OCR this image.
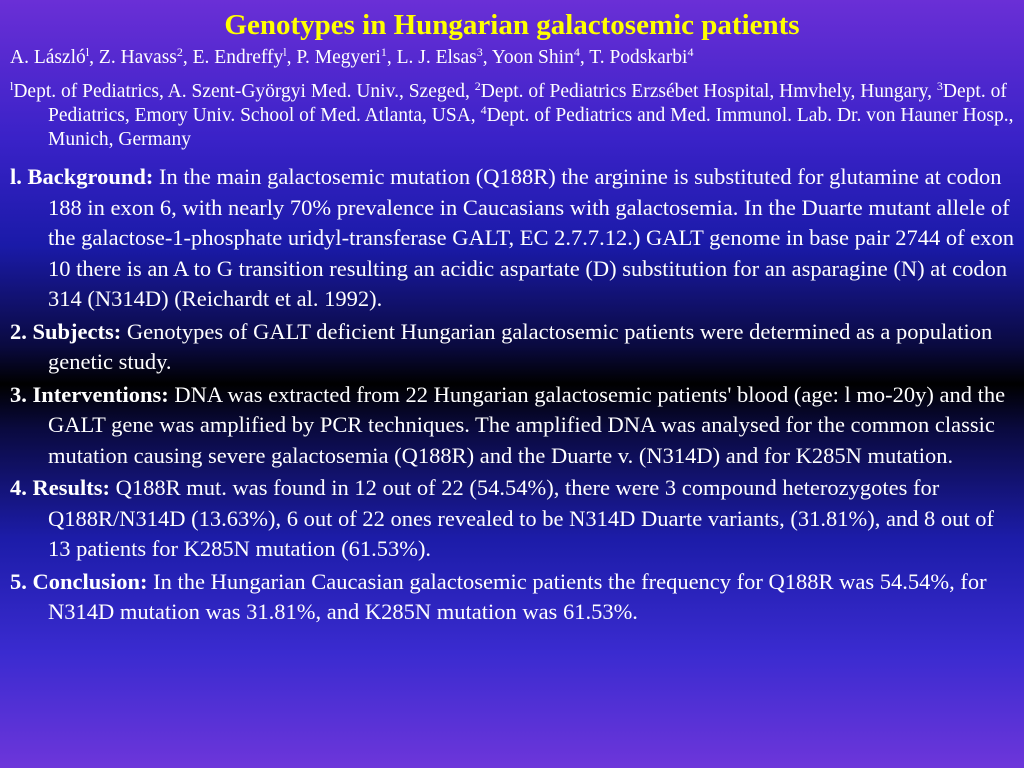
Genotypes in Hungarian galactosemic patients
A. László$^l$, Z. Havass$^2$, E. Endreffy$^l$, P. Megyeri$^1$, L. J. Elsas$^3$, Yoon Shin$^4$, T. Podskarbi$^4$
$^l$Dept. of Pediatrics, A. Szent-Györgyi Med. Univ., Szeged, $^2$Dept. of Pediatrics Erzsébet Hospital, Hmvhely, Hungary, $^3$Dept. of Pediatrics, Emory Univ. School of Med. Atlanta, USA, $^4$Dept. of Pediatrics and Med. Immunol. Lab. Dr. von Hauner Hosp., Munich, Germany
l. Background: In the main galactosemic mutation (Q188R) the arginine is substituted for glutamine at codon 188 in exon 6, with nearly 70% prevalence in Caucasians with galactosemia. In the Duarte mutant allele of the galactose-1-phosphate uridyl-transferase GALT, EC 2.7.7.12.) GALT genome in base pair 2744 of exon 10 there is an A to G transition resulting an acidic aspartate (D) substitution for an asparagine (N) at codon 314 (N314D) (Reichardt et al. 1992).
2. Subjects: Genotypes of GALT deficient Hungarian galactosemic patients were determined as a population genetic study.
3. Interventions: DNA was extracted from 22 Hungarian galactosemic patients' blood (age: l mo-20y) and the GALT gene was amplified by PCR techniques. The amplified DNA was analysed for the common classic mutation causing severe galactosemia (Q188R) and the Duarte v. (N314D) and for K285N mutation.
4. Results: Q188R mut. was found in 12 out of 22 (54.54%), there were 3 compound heterozygotes for Q188R/N314D (13.63%), 6 out of 22 ones revealed to be N314D Duarte variants, (31.81%), and 8 out of 13 patients for K285N mutation (61.53%).
5. Conclusion: In the Hungarian Caucasian galactosemic patients the frequency for Q188R was 54.54%, for N314D mutation was 31.81%, and K285N mutation was 61.53%.
